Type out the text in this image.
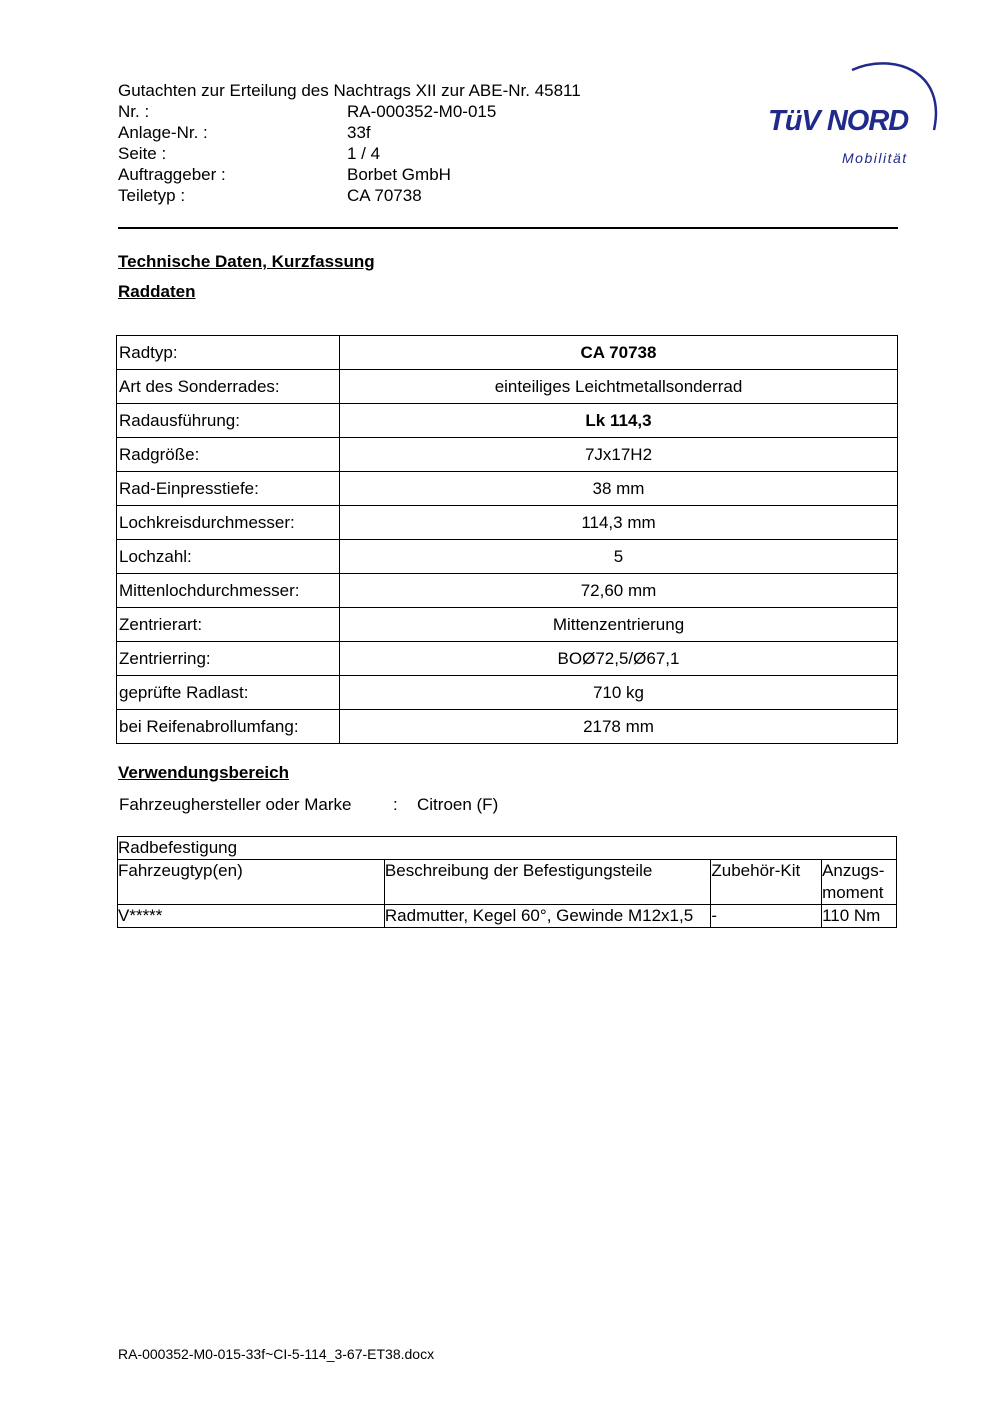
Gutachten zur Erteilung des Nachtrags XII zur ABE-Nr. 45811
Nr. :	RA-000352-M0-015
Anlage-Nr. :	33f
Seite :	1 / 4
Auftraggeber :	Borbet GmbH
Teiletyp :	CA 70738
TüV NORD
Mobilität
Technische Daten, Kurzfassung
Raddaten
Radtyp:	CA 70738
Art des Sonderrades:	einteiliges Leichtmetallsonderrad
Radausführung:	Lk 114,3
Radgröße:	7Jx17H2
Rad-Einpresstiefe:	38 mm
Lochkreisdurchmesser:	114,3 mm
Lochzahl:	5
Mittenlochdurchmesser:	72,60 mm
Zentrierart:	Mittenzentrierung
Zentrierring:	BOØ72,5/Ø67,1
geprüfte Radlast:	710 kg
bei Reifenabrollumfang:	2178 mm
Verwendungsbereich
Fahrzeughersteller oder Marke	:	Citroen (F)
Radbefestigung			
Fahrzeugtyp(en)	Beschreibung der Befestigungsteile	Zubehör-Kit	Anzugs-
moment
V*****	Radmutter, Kegel 60°, Gewinde M12x1,5	-	110 Nm
RA-000352-M0-015-33f~CI-5-114_3-67-ET38.docx
